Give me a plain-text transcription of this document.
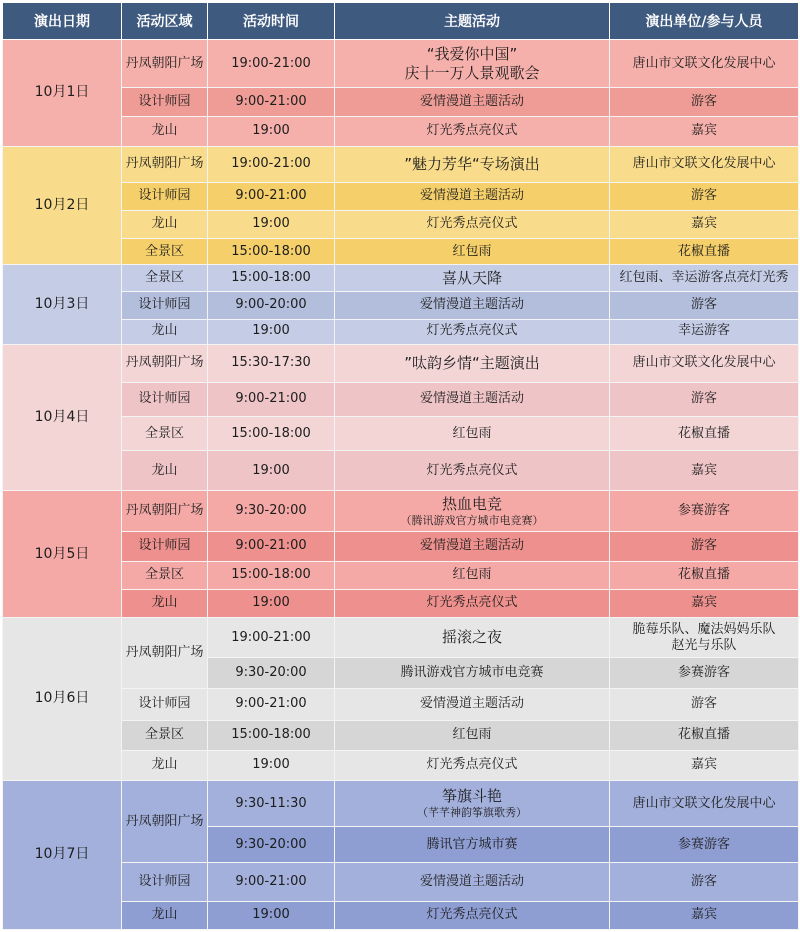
演出日期	活动区域	活动时间	主题活动	演出单位/参与人员
10月1日	丹凤朝阳广场	19:00-21:00	“我爱你中国”
庆十一万人景观歌会	唐山市文联文化发展中心
	设计师园	9:00-21:00	爱情漫道主题活动	游客
	龙山	19:00	灯光秀点亮仪式	嘉宾
10月2日	丹凤朝阳广场	19:00-21:00	”魅力芳华“专场演出	唐山市文联文化发展中心
	设计师园	9:00-21:00	爱情漫道主题活动	游客
	龙山	19:00	灯光秀点亮仪式	嘉宾
	全景区	15:00-18:00	红包雨	花椒直播
10月3日	全景区	15:00-18:00	喜从天降	红包雨、幸运游客点亮灯光秀
	设计师园	9:00-20:00	爱情漫道主题活动	游客
	龙山	19:00	灯光秀点亮仪式	幸运游客
10月4日	丹凤朝阳广场	15:30-17:30	”呔韵乡情“主题演出	唐山市文联文化发展中心
	设计师园	9:00-21:00	爱情漫道主题活动	游客
	全景区	15:00-18:00	红包雨	花椒直播
	龙山	19:00	灯光秀点亮仪式	嘉宾
10月5日	丹凤朝阳广场	9:30-20:00	热血电竞
（腾讯游戏官方城市电竞赛）	参赛游客
	设计师园	9:00-21:00	爱情漫道主题活动	游客
	全景区	15:00-18:00	红包雨	花椒直播
	龙山	19:00	灯光秀点亮仪式	嘉宾
10月6日	丹凤朝阳广场	19:00-21:00	摇滚之夜	脆莓乐队、魔法妈妈乐队
赵光与乐队

		9:30-20:00	腾讯游戏官方城市电竞赛	参赛游客
	设计师园	9:00-21:00	爱情漫道主题活动	游客
	全景区	15:00-18:00	红包雨	花椒直播
	龙山	19:00	灯光秀点亮仪式	嘉宾
10月7日	丹凤朝阳广场	9:30-11:30	筝旗斗艳
（芊芊神韵筝旗歌秀）	唐山市文联文化发展中心
		9:30-20:00	腾讯官方城市赛	参赛游客
	设计师园	9:00-21:00	爱情漫道主题活动	游客
	龙山	19:00	灯光秀点亮仪式	嘉宾
